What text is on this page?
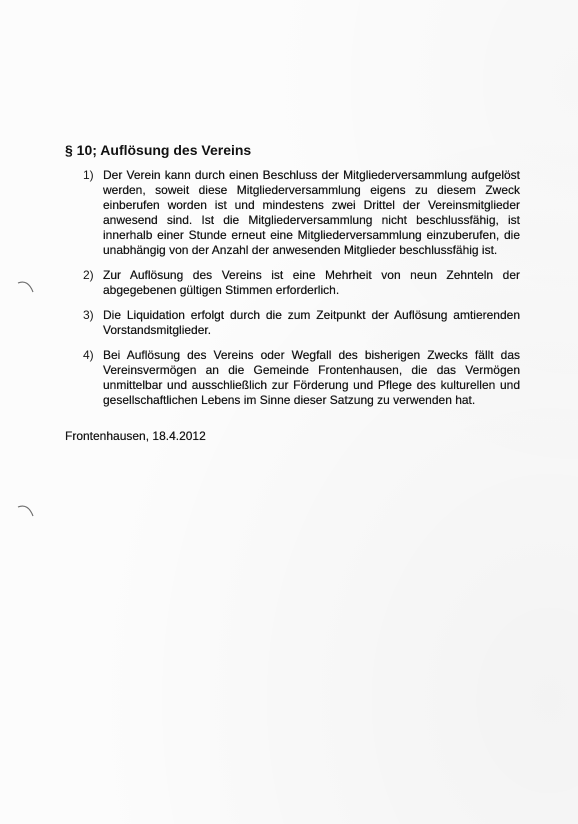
§ 10; Auflösung des Vereins
1) Der Verein kann durch einen Beschluss der Mitgliederversammlung aufgelöst
werden, soweit diese Mitgliederversammlung eigens zu diesem Zweck
einberufen worden ist und mindestens zwei Drittel der Vereinsmitglieder
anwesend sind. Ist die Mitgliederversammlung nicht beschlussfähig, ist
innerhalb einer Stunde erneut eine Mitgliederversammlung einzuberufen, die
unabhängig von der Anzahl der anwesenden Mitglieder beschlussfähig ist.
2) Zur Auflösung des Vereins ist eine Mehrheit von neun Zehnteln der
abgegebenen gültigen Stimmen erforderlich.
3) Die Liquidation erfolgt durch die zum Zeitpunkt der Auflösung amtierenden
Vorstandsmitglieder.
4) Bei Auflösung des Vereins oder Wegfall des bisherigen Zwecks fällt das
Vereinsvermögen an die Gemeinde Frontenhausen, die das Vermögen
unmittelbar und ausschließlich zur Förderung und Pflege des kulturellen und
gesellschaftlichen Lebens im Sinne dieser Satzung zu verwenden hat.
Frontenhausen, 18.4.2012
